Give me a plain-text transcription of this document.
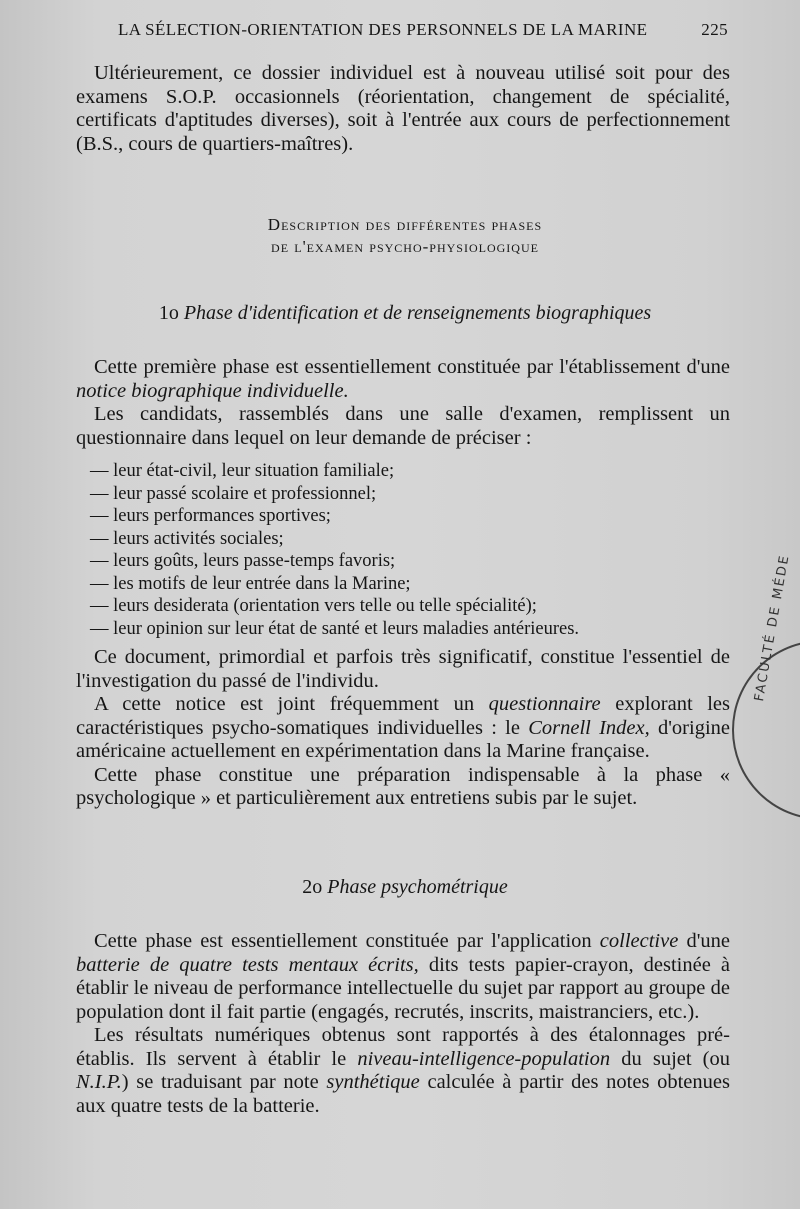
LA SÉLECTION-ORIENTATION DES PERSONNELS DE LA MARINE	225

Ultérieurement, ce dossier individuel est à nouveau utilisé soit pour des examens S.O.P. occasionnels (réorientation, changement de spécialité, certificats d'aptitudes diverses), soit à l'entrée aux cours de perfectionnement (B.S., cours de quartiers-maîtres).

Description des différentes phases
de l'examen psycho-physiologique
1o Phase d'identification et de renseignements biographiques

Cette première phase est essentiellement constituée par l'établissement d'une notice biographique individuelle.

Les candidats, rassemblés dans une salle d'examen, remplissent un questionnaire dans lequel on leur demande de préciser :

— leur état-civil, leur situation familiale;
— leur passé scolaire et professionnel;
— leurs performances sportives;
— leurs activités sociales;
— leurs goûts, leurs passe-temps favoris;
— les motifs de leur entrée dans la Marine;
— leurs desiderata (orientation vers telle ou telle spécialité);
— leur opinion sur leur état de santé et leurs maladies antérieures.

Ce document, primordial et parfois très significatif, constitue l'essentiel de l'investigation du passé de l'individu.

A cette notice est joint fréquemment un questionnaire explorant les caractéristiques psycho-somatiques individuelles : le Cornell Index, d'origine américaine actuellement en expérimentation dans la Marine française.

Cette phase constitue une préparation indispensable à la phase « psychologique » et particulièrement aux entretiens subis par le sujet.

2o Phase psychométrique

Cette phase est essentiellement constituée par l'application collective d'une batterie de quatre tests mentaux écrits, dits tests papier-crayon, destinée à établir le niveau de performance intellectuelle du sujet par rapport au groupe de population dont il fait partie (engagés, recrutés, inscrits, maistranciers, etc.).

Les résultats numériques obtenus sont rapportés à des étalonnages pré-établis. Ils servent à établir le niveau-intelligence-population du sujet (ou N.I.P.) se traduisant par note synthétique calculée à partir des notes obtenues aux quatre tests de la batterie.

FACULTÉ DE MÉDE
